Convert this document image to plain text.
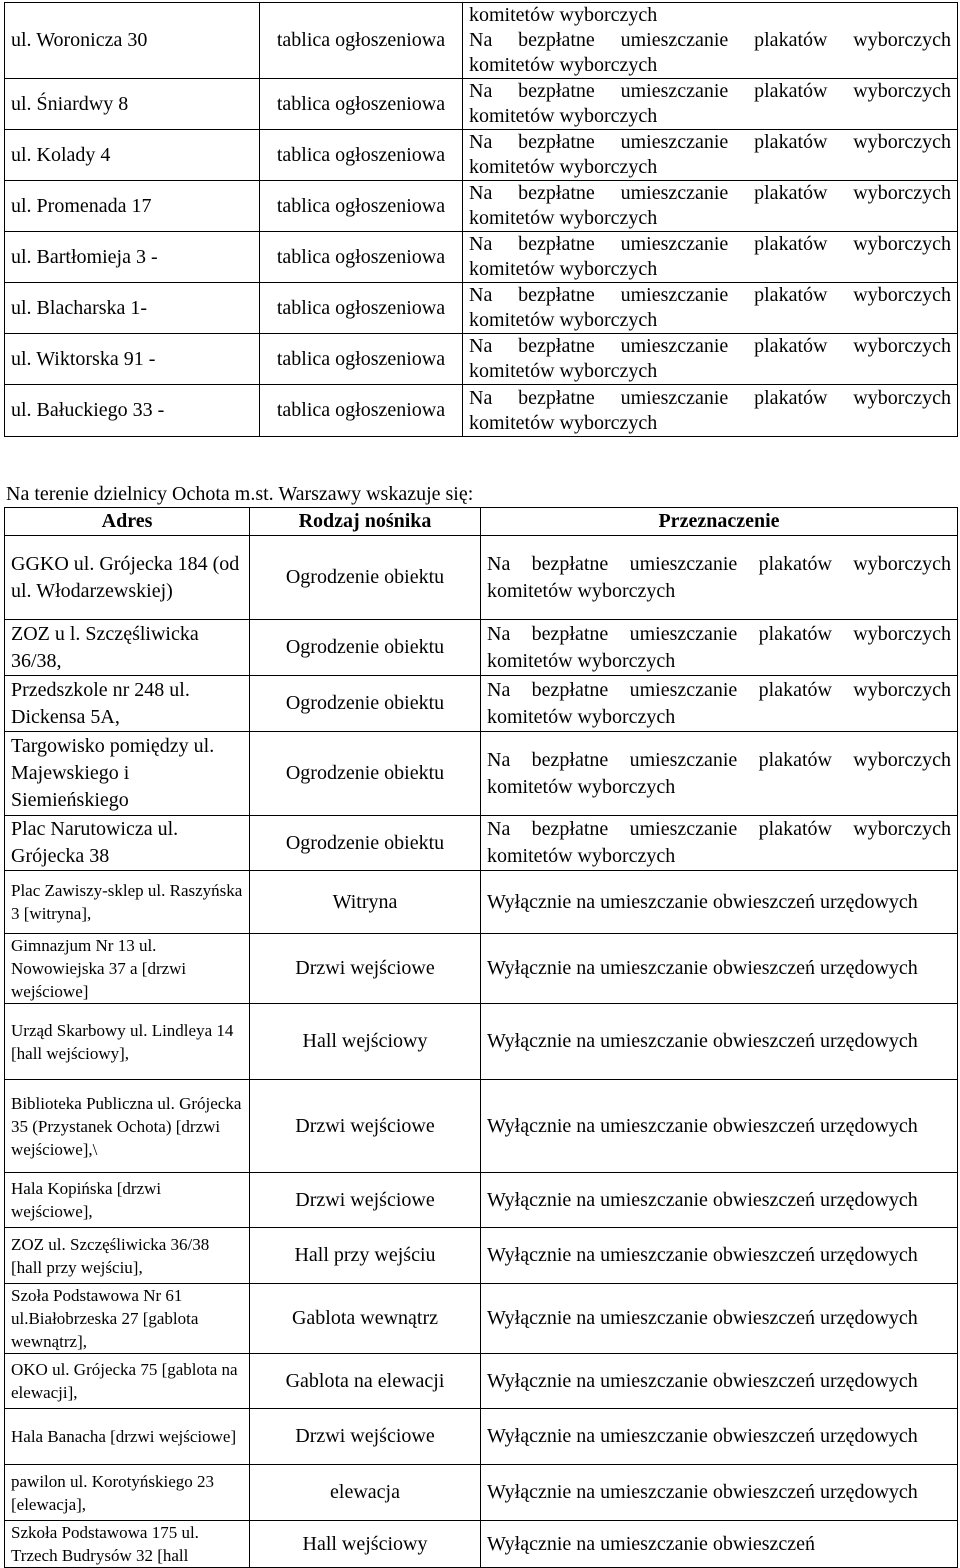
ul. Woronicza 30	tablica ogłoszeniowa	komitetów wyborczych
Na bezpłatne umieszczanie plakatów wyborczych komitetów wyborczych

ul. Śniardwy 8	tablica ogłoszeniowa	Na bezpłatne umieszczanie plakatów wyborczych komitetów wyborczych

ul. Kolady 4	tablica ogłoszeniowa	Na bezpłatne umieszczanie plakatów wyborczych komitetów wyborczych

ul. Promenada 17	tablica ogłoszeniowa	Na bezpłatne umieszczanie plakatów wyborczych komitetów wyborczych

ul. Bartłomieja 3 -	tablica ogłoszeniowa	Na bezpłatne umieszczanie plakatów wyborczych komitetów wyborczych

ul. Blacharska 1-	tablica ogłoszeniowa	Na bezpłatne umieszczanie plakatów wyborczych komitetów wyborczych

ul. Wiktorska 91 -	tablica ogłoszeniowa	Na bezpłatne umieszczanie plakatów wyborczych komitetów wyborczych

ul. Bałuckiego 33 -	tablica ogłoszeniowa	Na bezpłatne umieszczanie plakatów wyborczych komitetów wyborczych
Na terenie dzielnicy Ochota m.st. Warszawy wskazuje się:
Adres	Rodzaj nośnika	Przeznaczenie
GGKO ul. Grójecka 184 (od ul. Włodarzewskiej)	Ogrodzenie obiektu	Na bezpłatne umieszczanie plakatów wyborczych komitetów wyborczych
ZOZ u l. Szczęśliwicka 36/38,	Ogrodzenie obiektu	Na bezpłatne umieszczanie plakatów wyborczych komitetów wyborczych
Przedszkole nr 248 ul. Dickensa 5A,	Ogrodzenie obiektu	Na bezpłatne umieszczanie plakatów wyborczych komitetów wyborczych
Targowisko pomiędzy ul. Majewskiego i Siemieńskiego	Ogrodzenie obiektu	Na bezpłatne umieszczanie plakatów wyborczych komitetów wyborczych
Plac Narutowicza ul. Grójecka 38	Ogrodzenie obiektu	Na bezpłatne umieszczanie plakatów wyborczych komitetów wyborczych
Plac Zawiszy-sklep ul. Raszyńska 3 [witryna],	Witryna	Wyłącznie na umieszczanie obwieszczeń urzędowych
Gimnazjum Nr 13 ul. Nowowiejska 37 a [drzwi wejściowe]	Drzwi wejściowe	Wyłącznie na umieszczanie obwieszczeń urzędowych
Urząd Skarbowy ul. Lindleya 14 [hall wejściowy],	Hall wejściowy	Wyłącznie na umieszczanie obwieszczeń urzędowych
Biblioteka Publiczna ul. Grójecka 35 (Przystanek Ochota) [drzwi wejściowe],\	Drzwi wejściowe	Wyłącznie na umieszczanie obwieszczeń urzędowych
Hala Kopińska [drzwi wejściowe],	Drzwi wejściowe	Wyłącznie na umieszczanie obwieszczeń urzędowych
ZOZ ul. Szczęśliwicka 36/38 [hall przy wejściu],	Hall przy wejściu	Wyłącznie na umieszczanie obwieszczeń urzędowych
Szoła Podstawowa Nr 61 ul.Białobrzeska 27 [gablota wewnątrz],	Gablota wewnątrz	Wyłącznie na umieszczanie obwieszczeń urzędowych
OKO ul. Grójecka 75 [gablota na elewacji],	Gablota na elewacji	Wyłącznie na umieszczanie obwieszczeń urzędowych
Hala Banacha [drzwi wejściowe]	Drzwi wejściowe	Wyłącznie na umieszczanie obwieszczeń urzędowych
pawilon ul. Korotyńskiego 23 [elewacja],	elewacja	Wyłącznie na umieszczanie obwieszczeń urzędowych
Szkoła Podstawowa 175 ul. Trzech Budrysów 32 [hall	Hall wejściowy	Wyłącznie na umieszczanie obwieszczeń
